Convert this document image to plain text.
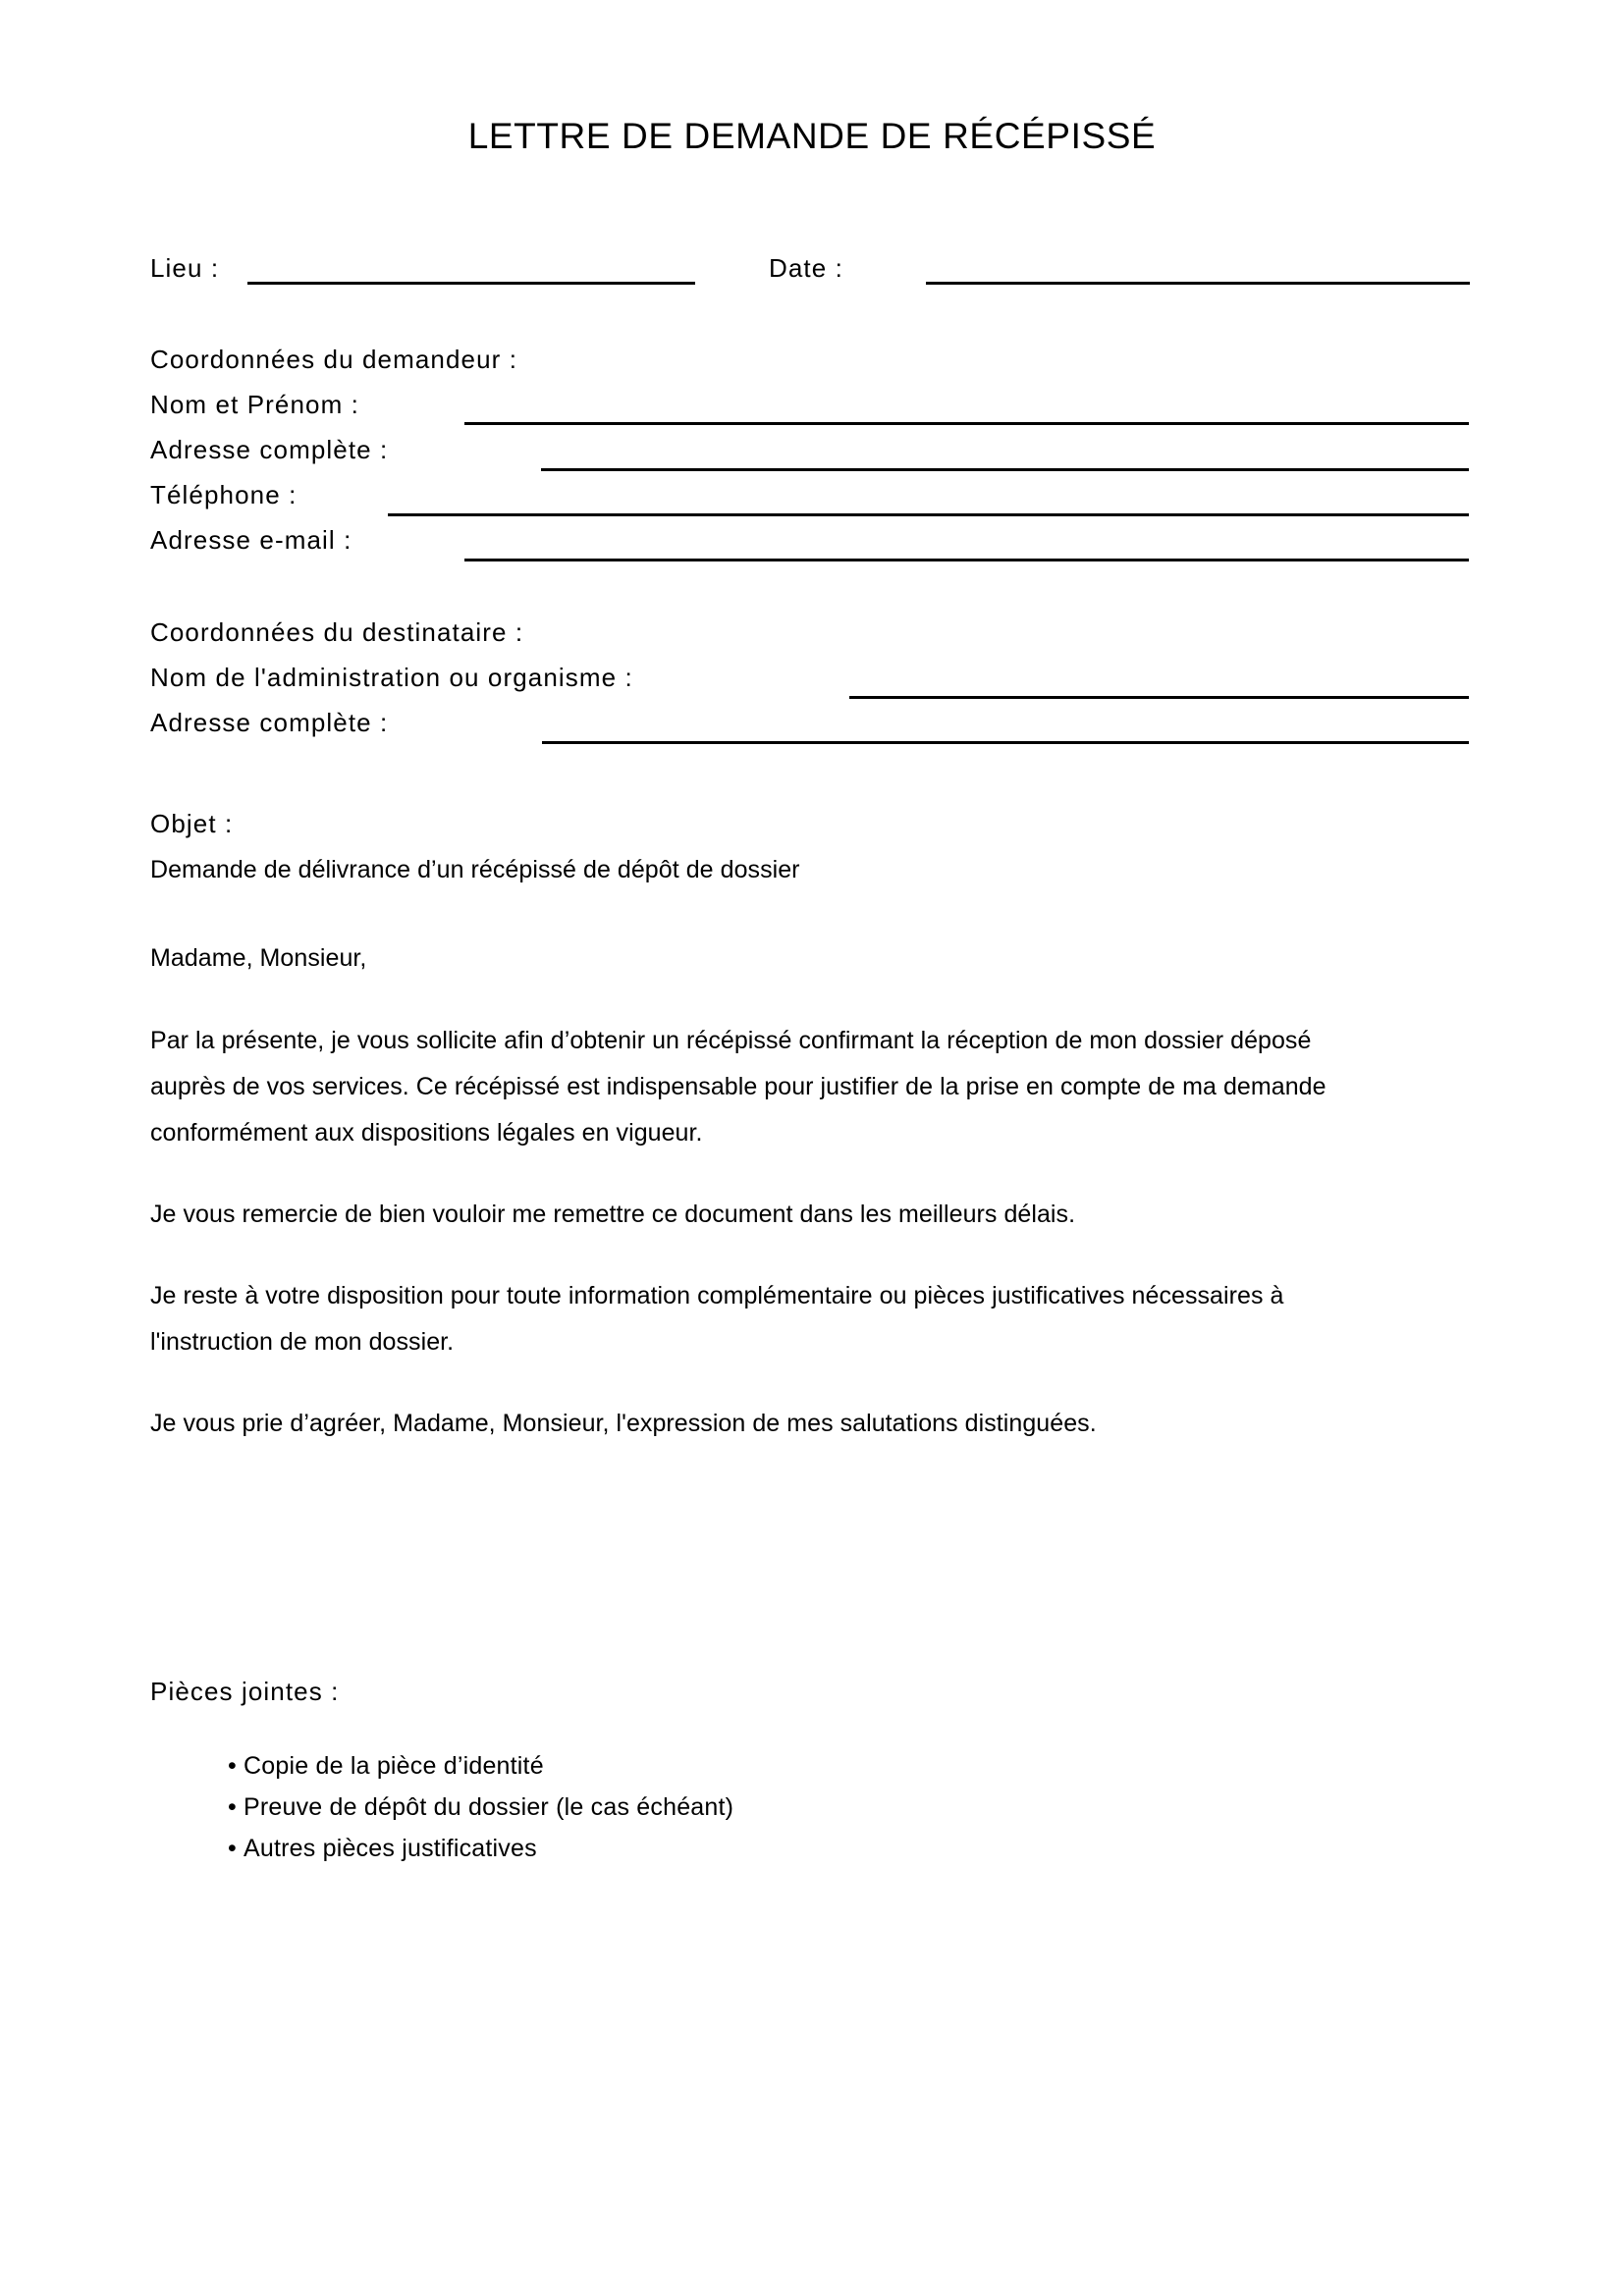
LETTRE DE DEMANDE DE RÉCÉPISSÉ
Lieu :	Date :
Coordonnées du demandeur :
Nom et Prénom :
Adresse complète :
Téléphone :
Adresse e-mail :
Coordonnées du destinataire :
Nom de l'administration ou organisme :
Adresse complète :
Objet :
Demande de délivrance d’un récépissé de dépôt de dossier
Madame, Monsieur,
Par la présente, je vous sollicite afin d’obtenir un récépissé confirmant la réception de mon dossier déposé
auprès de vos services. Ce récépissé est indispensable pour justifier de la prise en compte de ma demande
conformément aux dispositions légales en vigueur.
Je vous remercie de bien vouloir me remettre ce document dans les meilleurs délais.
Je reste à votre disposition pour toute information complémentaire ou pièces justificatives nécessaires à
l'instruction de mon dossier.
Je vous prie d’agréer, Madame, Monsieur, l'expression de mes salutations distinguées.
Pièces jointes :
• Copie de la pièce d’identité
• Preuve de dépôt du dossier (le cas échéant)
• Autres pièces justificatives
